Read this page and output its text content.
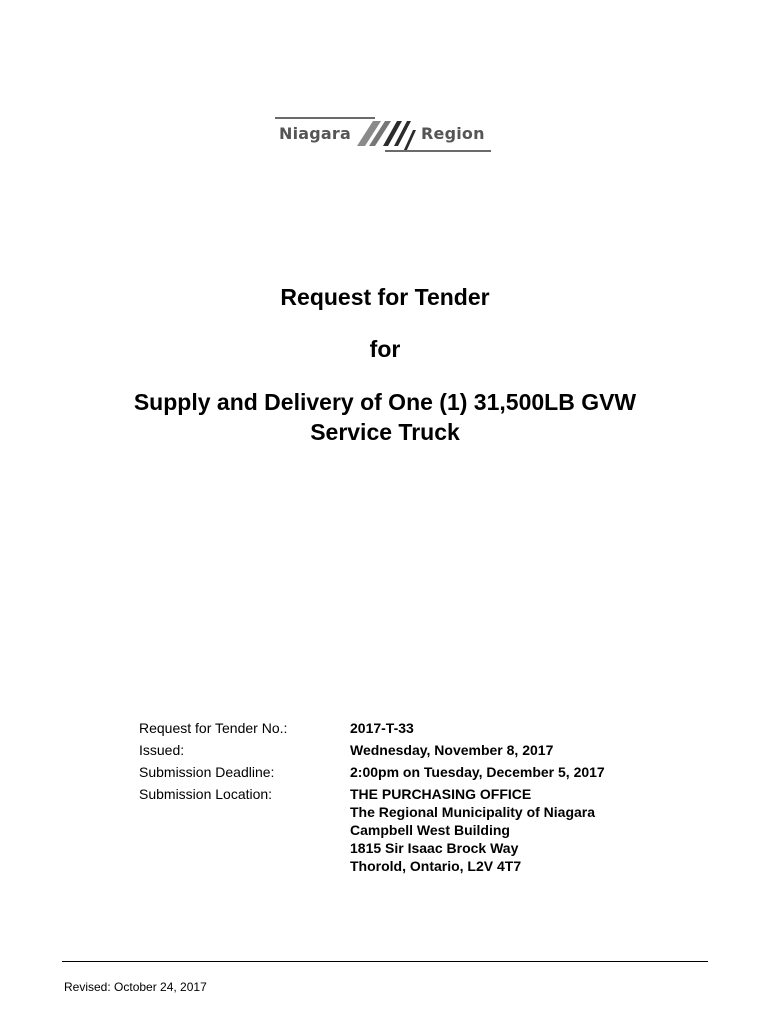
Niagara	Region
Request for Tender
for
Supply and Delivery of One (1) 31,500LB GVW
Service Truck
Request for Tender No.:	2017-T-33
Issued:	Wednesday, November 8, 2017
Submission Deadline:	2:00pm on Tuesday, December 5, 2017
Submission Location:	THE PURCHASING OFFICE
The Regional Municipality of Niagara
Campbell West Building
1815 Sir Isaac Brock Way
Thorold, Ontario, L2V 4T7
Revised: October 24, 2017
